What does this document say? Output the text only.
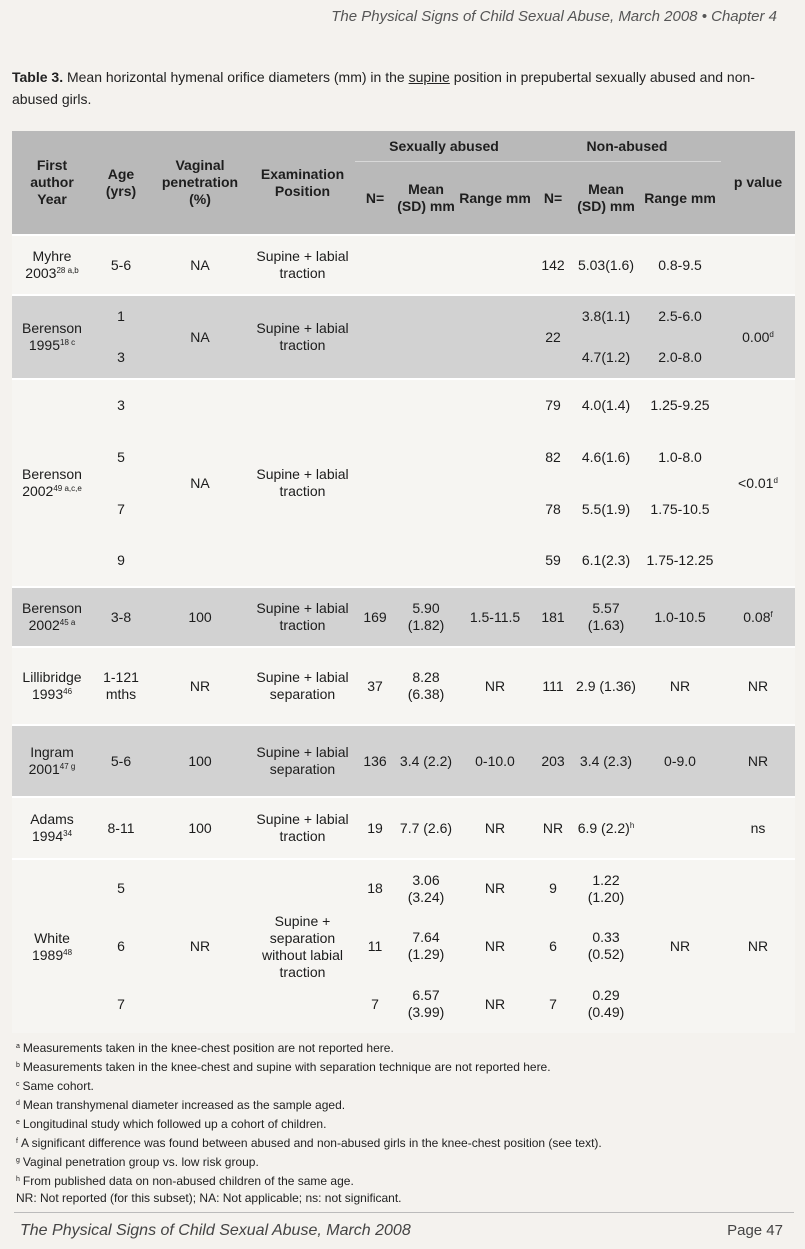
The Physical Signs of Child Sexual Abuse, March 2008 • Chapter 4
Table 3. Mean horizontal hymenal orifice diameters (mm) in the supine position in prepubertal sexually abused and non-abused girls.
First author Year	Age (yrs)	Vaginal penetration (%)	Examination Position	Sexually abused			Non-abused			p value
				N=	Mean (SD) mm	Range mm	N=	Mean (SD) mm	Range mm	
Myhre $2003^{28 a,b}$	5-6	NA	Supine + labial traction				142	5.03(1.6)	0.8-9.5	
Berenson $1995^{18 c}$	1	NA	Supine + labial traction				22	3.8(1.1)	2.5-6.0	0.00$^d$
	3							4.7(1.2)	2.0-8.0	
Berenson $2002^{49 a,c,e}$	3	NA	Supine + labial traction				79	4.0(1.4)	1.25-9.25	<0.01$^d$
	5						82	4.6(1.6)	1.0-8.0	
	7						78	5.5(1.9)	1.75-10.5	
	9						59	6.1(2.3)	1.75-12.25	
Berenson $2002^{45 a}$	3-8	100	Supine + labial traction	169	5.90 (1.82)	1.5-11.5	181	5.57 (1.63)	1.0-10.5	0.08$^f$
Lillibridge 1993$^{46}$	1-121 mths	NR	Supine + labial separation	37	8.28 (6.38)	NR	111	2.9 (1.36)	NR	NR
Ingram $2001^{47 g}$	5-6	100	Supine + labial separation	136	3.4 (2.2)	0-10.0	203	3.4 (2.3)	0-9.0	NR
Adams 1994$^{34}$	8-11	100	Supine + labial traction	19	7.7 (2.6)	NR	NR	6.9 $(2.2)^h$		ns
White 1989$^{48}$	5	NR	Supine + separation without labial traction	18	3.06 (3.24)	NR	9	1.22 (1.20)	NR	NR
	6			11	7.64 (1.29)	NR	6	0.33 (0.52)		
	7			7	6.57 (3.99)	NR	7	0.29 (0.49)		
$^a$ Measurements taken in the knee-chest position are not reported here.
$^b$ Measurements taken in the knee-chest and supine with separation technique are not reported here.
$^c$ Same cohort.
$^d$ Mean transhymenal diameter increased as the sample aged.
$^e$ Longitudinal study which followed up a cohort of children.
$^f$ A significant difference was found between abused and non-abused girls in the knee-chest position (see text).
$^g$ Vaginal penetration group vs. low risk group.
$^h$ From published data on non-abused children of the same age.
NR: Not reported (for this subset); NA: Not applicable; ns: not significant.
The Physical Signs of Child Sexual Abuse, March 2008	Page 47
